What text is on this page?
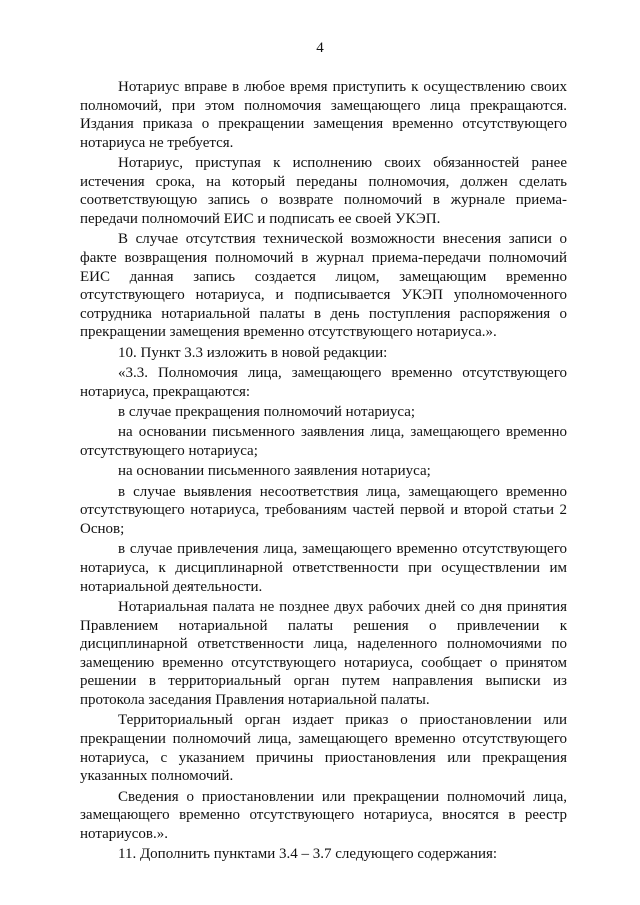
4

Нотариус вправе в любое время приступить к осуществлению своих полномочий, при этом полномочия замещающего лица прекращаются. Издания приказа о прекращении замещения временно отсутствующего нотариуса не требуется.

Нотариус, приступая к исполнению своих обязанностей ранее истечения срока, на который переданы полномочия, должен сделать соответствующую запись о возврате полномочий в журнале приема-передачи полномочий ЕИС и подписать ее своей УКЭП.

В случае отсутствия технической возможности внесения записи о факте возвращения полномочий в журнал приема-передачи полномочий ЕИС данная запись создается лицом, замещающим временно отсутствующего нотариуса, и подписывается УКЭП уполномоченного сотрудника нотариальной палаты в день поступления распоряжения о прекращении замещения временно отсутствующего нотариуса.».

10. Пункт 3.3 изложить в новой редакции:

«3.3. Полномочия лица, замещающего временно отсутствующего нотариуса, прекращаются:

в случае прекращения полномочий нотариуса;

на основании письменного заявления лица, замещающего временно отсутствующего нотариуса;

на основании письменного заявления нотариуса;

в случае выявления несоответствия лица, замещающего временно отсутствующего нотариуса, требованиям частей первой и второй статьи 2 Основ;

в случае привлечения лица, замещающего временно отсутствующего нотариуса, к дисциплинарной ответственности при осуществлении им нотариальной деятельности.

Нотариальная палата не позднее двух рабочих дней со дня принятия Правлением нотариальной палаты решения о привлечении к дисциплинарной ответственности лица, наделенного полномочиями по замещению временно отсутствующего нотариуса, сообщает о принятом решении в территориальный орган путем направления выписки из протокола заседания Правления нотариальной палаты.

Территориальный орган издает приказ о приостановлении или прекращении полномочий лица, замещающего временно отсутствующего нотариуса, с указанием причины приостановления или прекращения указанных полномочий.

Сведения о приостановлении или прекращении полномочий лица, замещающего временно отсутствующего нотариуса, вносятся в реестр нотариусов.».

11. Дополнить пунктами 3.4 – 3.7 следующего содержания:
